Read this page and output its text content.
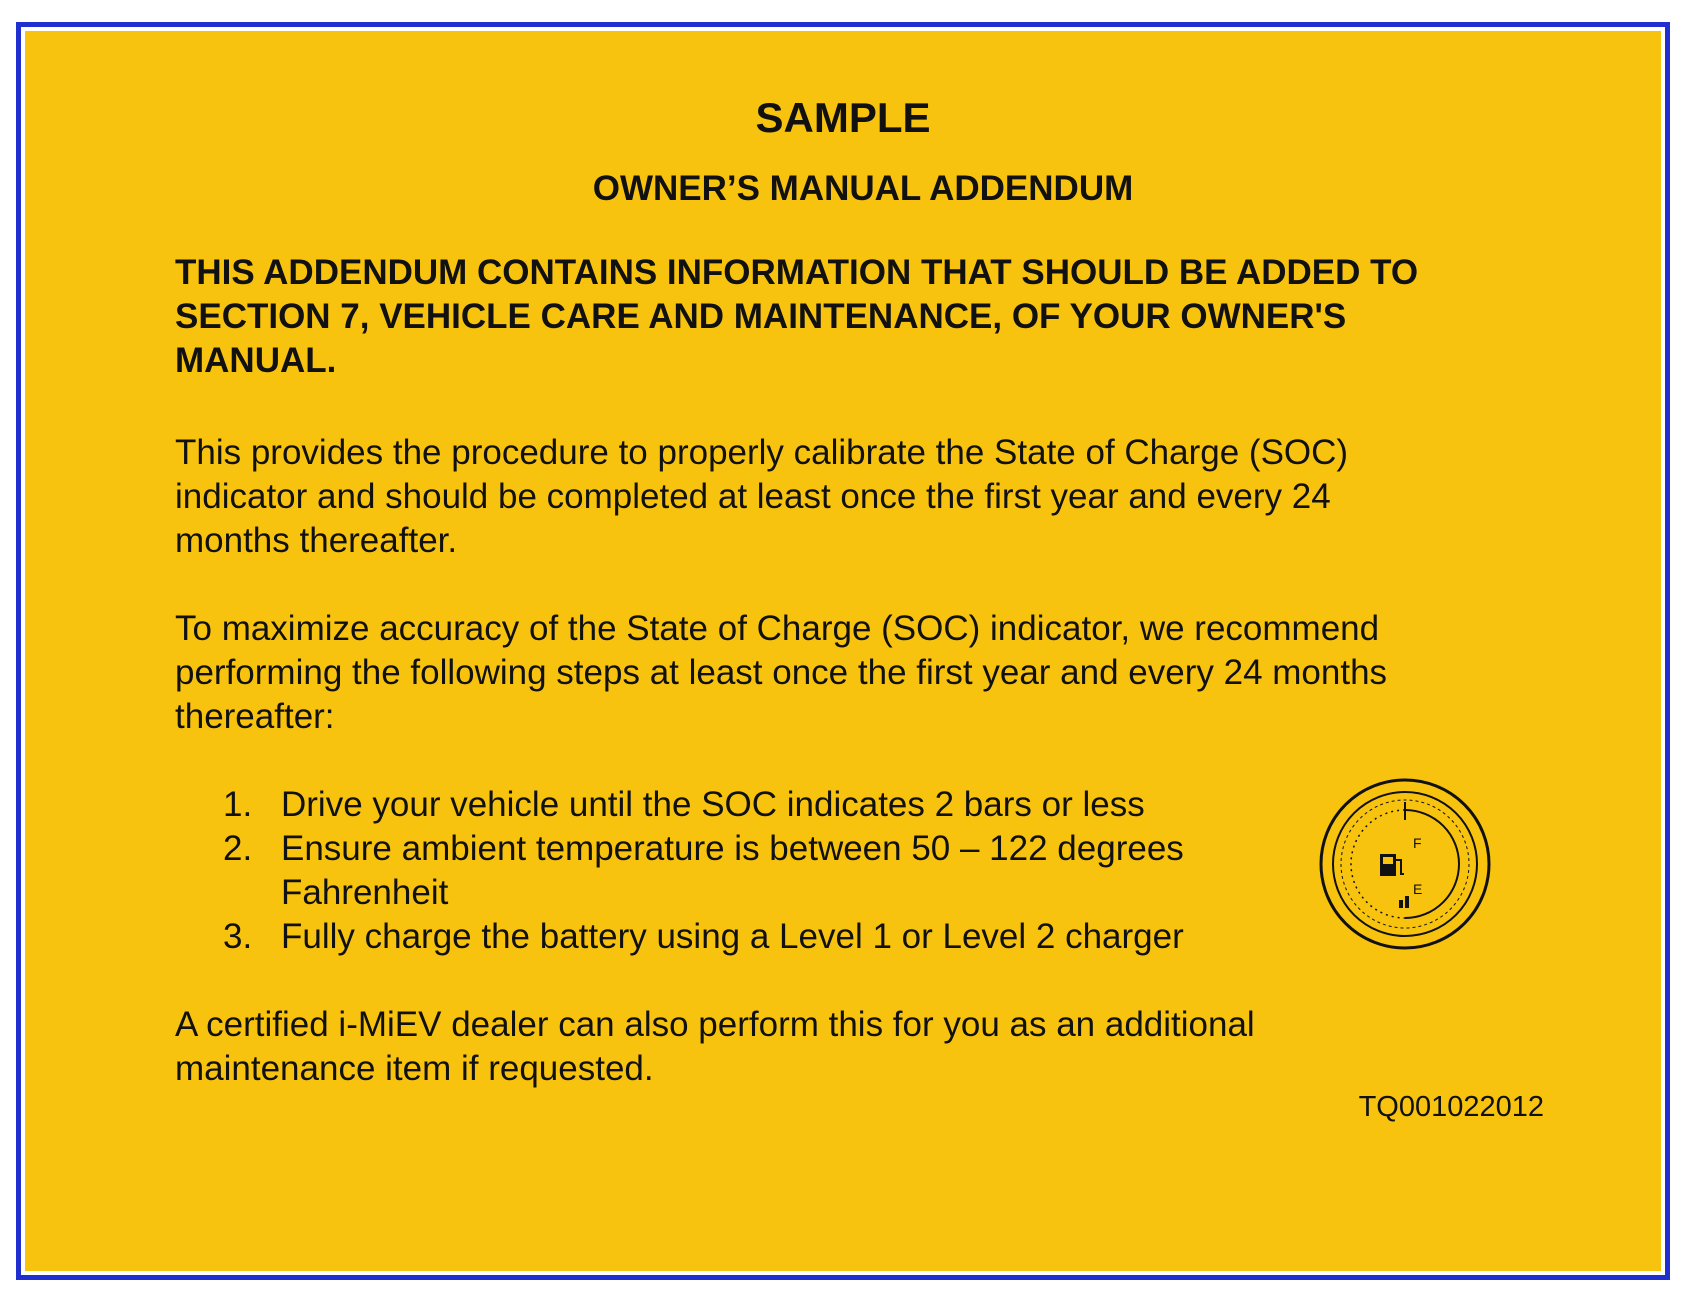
SAMPLE
OWNER’S MANUAL ADDENDUM

THIS ADDENDUM CONTAINS INFORMATION THAT SHOULD BE ADDED TO
SECTION 7, VEHICLE CARE AND MAINTENANCE, OF YOUR OWNER'S
MANUAL.

This provides the procedure to properly calibrate the State of Charge (SOC)
indicator and should be completed at least once the first year and every 24
months thereafter.

To maximize accuracy of the State of Charge (SOC) indicator, we recommend
performing the following steps at least once the first year and every 24 months
thereafter:

1. Drive your vehicle until the SOC indicates 2 bars or less
2. Ensure ambient temperature is between 50 – 122 degrees
Fahrenheit
3. Fully charge the battery using a Level 1 or Level 2 charger
F
E

A certified i-MiEV dealer can also perform this for you as an additional
maintenance item if requested.

TQ001022012
